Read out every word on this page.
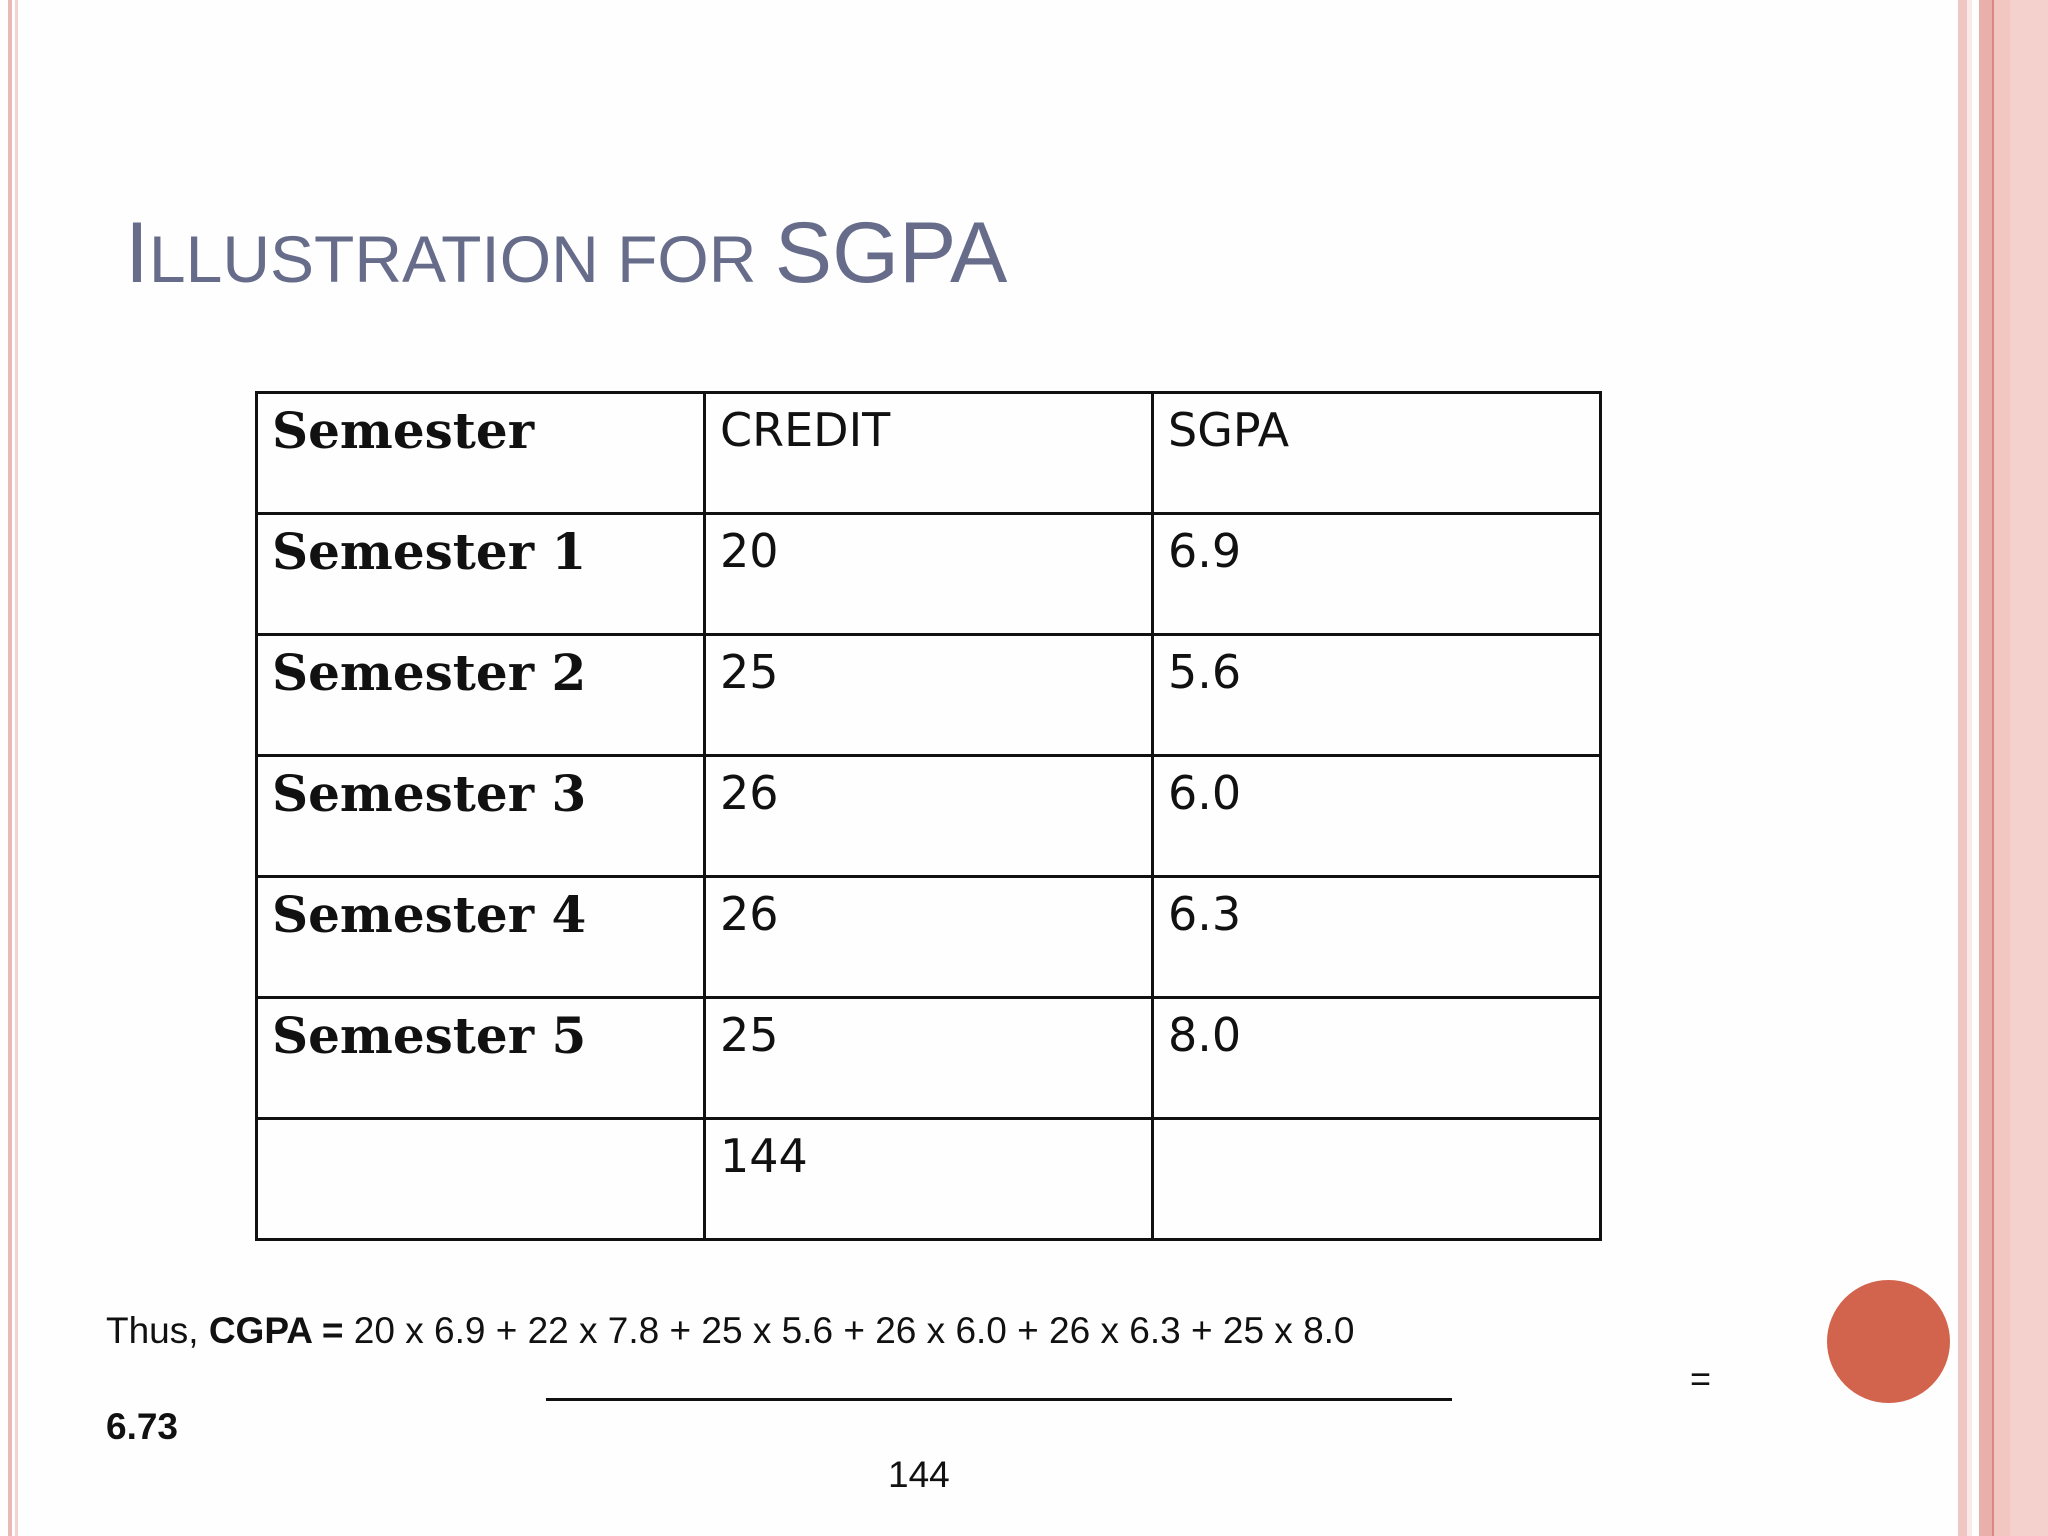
ILLUSTRATION FOR SGPA
Semester	CREDIT	SGPA
Semester 1	20	6.9
Semester 2	25	5.6
Semester 3	26	6.0
Semester 4	26	6.3
Semester 5	25	8.0
	144	
Thus, CGPA = 20 x 6.9 + 22 x 7.8 + 25 x 5.6 + 26 x 6.0 + 26 x 6.3 + 25 x 8.0
=
6.73
144
